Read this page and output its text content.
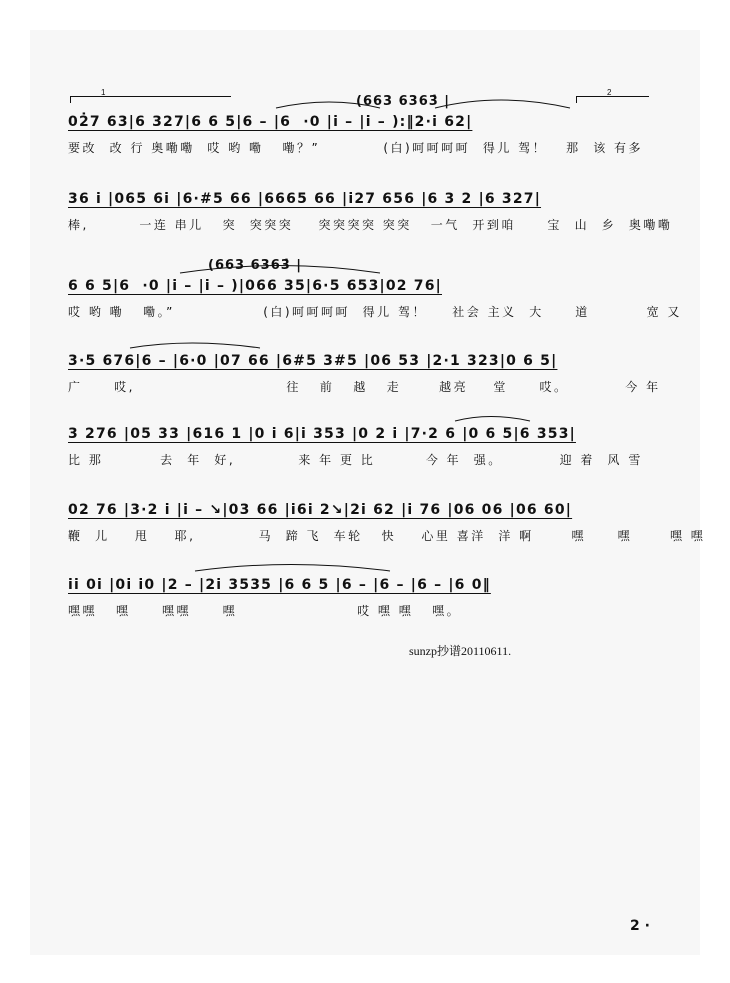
1	2
(663 6363̇ |
02̇7 63|6 327|6 6 5|6 – |6  ·0 |i – |i – ):‖2·i 62|
要改  改 行 奥嘞嘞  哎 哟 嘞   嘞？”          (白)呵呵呵呵  得儿 驾！   那  该 有多
36 i |065 6i |6·#5 66 |6665 66 |i27 656 |6 3 2 |6 327|
棒,        一连 串儿   突  突突突    突突突突 突突   一气  开到咱     宝  山  乡  奥嘞嘞
(663 6363̇ |
6 6 5|6  ·0 |i – |i – )|066 35|6·5 653|02 76|
哎 哟 嘞   嘞。”              (白)呵呵呵呵  得儿 驾！    社会 主义  大     道         宽 又
3·5 676|6 – |6·0 |07 66 |6#5 3#5 |06 53 |2·1 323|0 6 5|
广     哎,                        往   前   越   走      越亮    堂     哎。         今 年
3 276 |05 33 |616 1 |0 i 6|i 353 |0 2 i |7·2 6 |0 6 5|6 353|
比 那         去  年  好,          来 年 更 比        今 年  强。         迎 着  风 雪
02 76 |3·2 i |i – ↘|03 66 |i6i 2↘|2i 62 |i 76 |06 06 |06 60|
鞭  儿    甩    耶,          马  蹄 飞  车轮   快    心里 喜洋  洋 啊      嘿     嘿      嘿 嘿
ii 0i |0i i0 |2 – |2i 3535 |6 6 5 |6 – |6 – |6 – |6 0‖
嘿嘿   嘿     嘿嘿     嘿                   哎 嘿 嘿   嘿。
sunzp抄谱20110611.
2 ·
